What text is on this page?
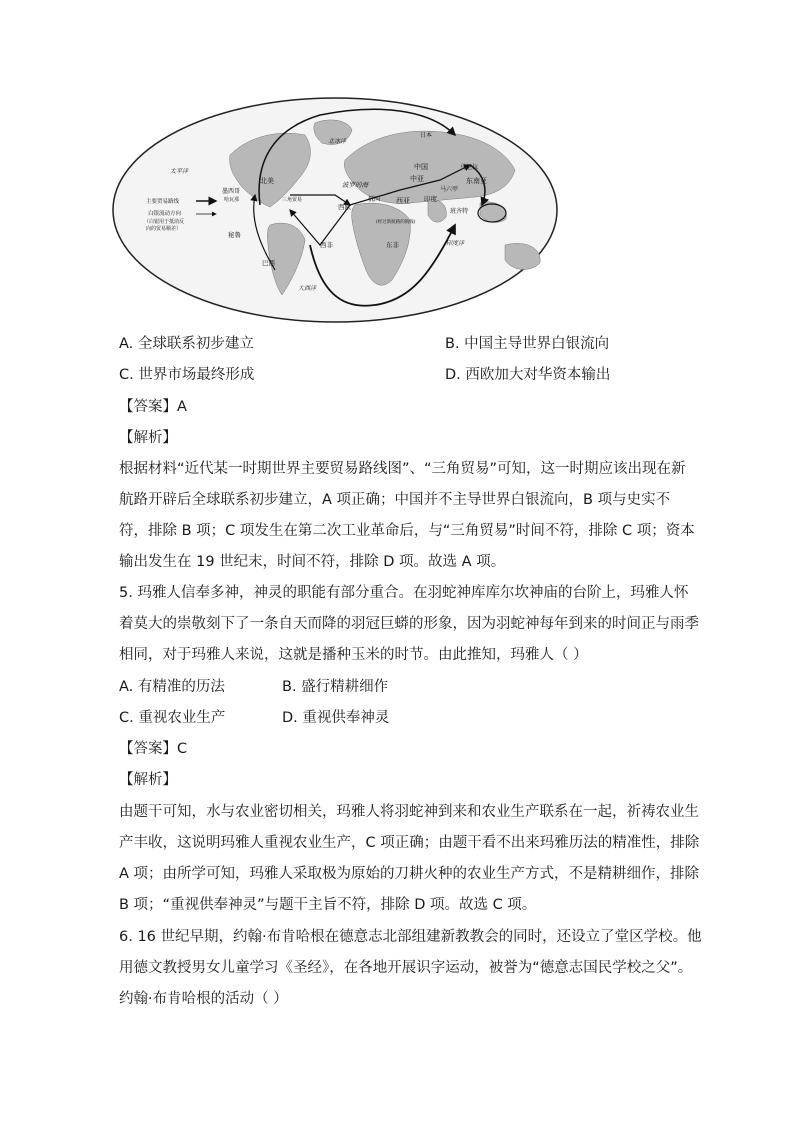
太平洋
北冰洋
日本
中国	马尼拉
东南亚
马六甲
北美
墨西哥
哈瓦那
波罗的海
中亚
三角贸易	西亚
俄国
西欧
印度
班齐特
秘鲁
西非	东非
(经过新航路的航线)
巴西
印度洋
大西洋
主要贸易路线
白银流动方向
（白银用于抵消反
向的贸易顺差）
A. 全球联系初步建立	B. 中国主导世界白银流向
C. 世界市场最终形成	D. 西欧加大对华资本输出
【答案】A
【解析】
根据材料“近代某一时期世界主要贸易路线图”、“三角贸易”可知，这一时期应该出现在新
航路开辟后全球联系初步建立，A 项正确；中国并不主导世界白银流向，B 项与史实不
符，排除 B 项；C 项发生在第二次工业革命后，与“三角贸易”时间不符，排除 C 项；资本
输出发生在 19 世纪末，时间不符，排除 D 项。故选 A 项。
5. 玛雅人信奉多神，神灵的职能有部分重合。在羽蛇神库库尔坎神庙的台阶上，玛雅人怀
着莫大的崇敬刻下了一条自天而降的羽冠巨蟒的形象，因为羽蛇神每年到来的时间正与雨季
相同，对于玛雅人来说，这就是播种玉米的时节。由此推知，玛雅人（ ）
A. 有精准的历法	B. 盛行精耕细作
C. 重视农业生产	D. 重视供奉神灵
【答案】C
【解析】
由题干可知，水与农业密切相关，玛雅人将羽蛇神到来和农业生产联系在一起，祈祷农业生
产丰收，这说明玛雅人重视农业生产，C 项正确；由题干看不出来玛雅历法的精准性，排除
A 项；由所学可知，玛雅人采取极为原始的刀耕火种的农业生产方式，不是精耕细作，排除
B 项；“重视供奉神灵”与题干主旨不符，排除 D 项。故选 C 项。
6. 16 世纪早期，约翰·布肯哈根在德意志北部组建新教教会的同时，还设立了堂区学校。他
用德文教授男女儿童学习《圣经》，在各地开展识字运动，被誉为“德意志国民学校之父”。
约翰·布肯哈根的活动（ ）
